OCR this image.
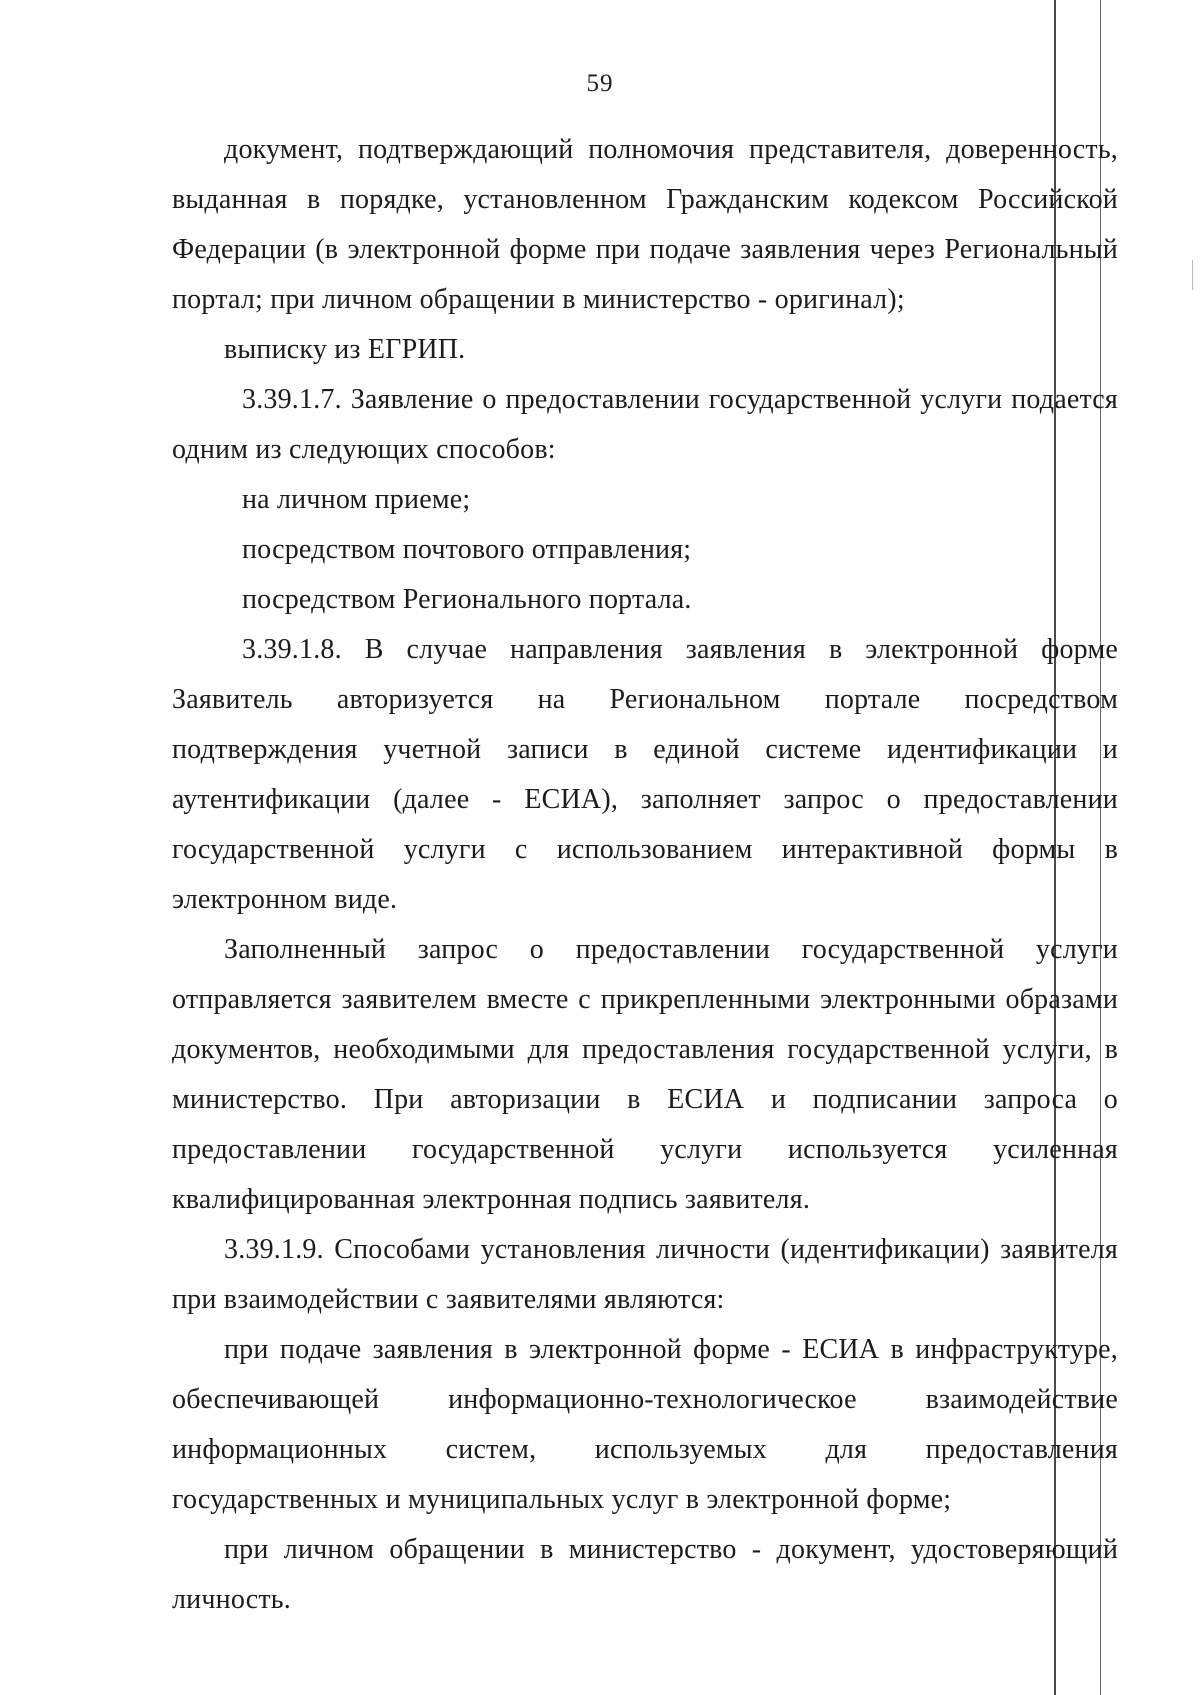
59

документ, подтверждающий полномочия представителя, доверенность, выданная в порядке, установленном Гражданским кодексом Российской Федерации (в электронной форме при подаче заявления через Региональный портал; при личном обращении в министерство - оригинал);

выписку из ЕГРИП.

3.39.1.7. Заявление о предоставлении государственной услуги подается одним из следующих способов:

на личном приеме;

посредством почтового отправления;

посредством Регионального портала.

3.39.1.8. В случае направления заявления в электронной форме Заявитель авторизуется на Региональном портале посредством подтверждения учетной записи в единой системе идентификации и аутентификации (далее - ЕСИА), заполняет запрос о предоставлении государственной услуги с использованием интерактивной формы в электронном виде.

Заполненный запрос о предоставлении государственной услуги отправляется заявителем вместе с прикрепленными электронными образами документов, необходимыми для предоставления государственной услуги, в министерство. При авторизации в ЕСИА и подписании запроса о предоставлении государственной услуги используется усиленная квалифицированная электронная подпись заявителя.

3.39.1.9. Способами установления личности (идентификации) заявителя при взаимодействии с заявителями являются:

при подаче заявления в электронной форме - ЕСИА в инфраструктуре, обеспечивающей информационно-технологическое взаимодействие информационных систем, используемых для предоставления государственных и муниципальных услуг в электронной форме;

при личном обращении в министерство - документ, удостоверяющий личность.
